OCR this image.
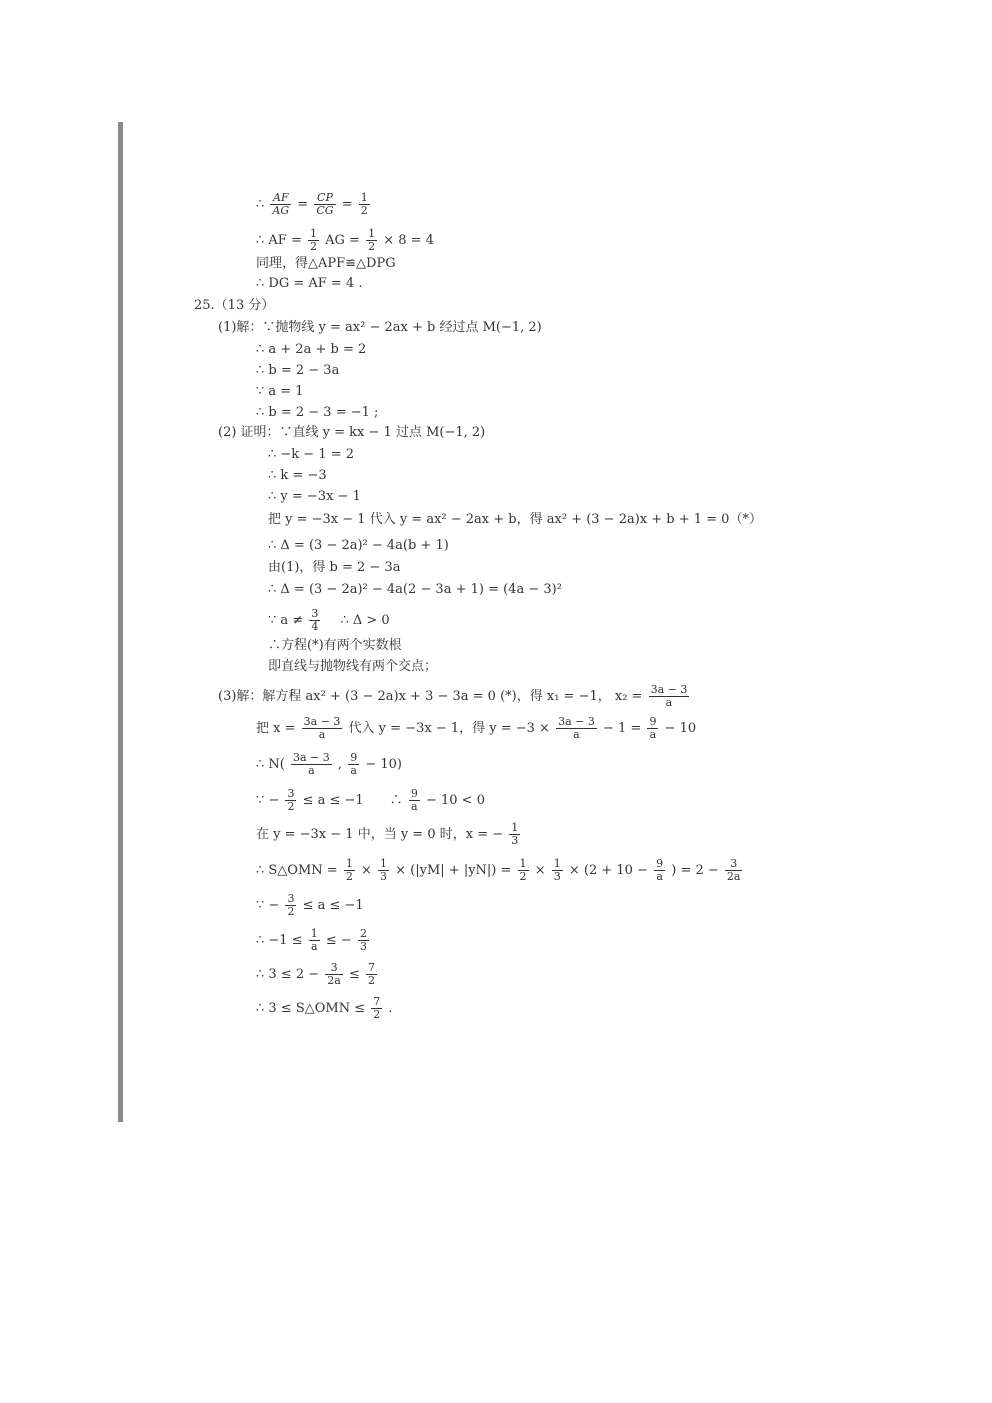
∴ $\frac{AF}{AG} = \frac{CP}{CG} = \frac{1}{2}$
∴ AF = $\frac{1}{2}$ AG = $\frac{1}{2} \times 8 = 4$
同理，得△APF≌△DPG
∴ DG = AF = 4 .
25.（13 分）
(1)解：∵抛物线 y = ax² − 2ax + b 经过点 M(−1, 2)
∴ a + 2a + b = 2
∴ b = 2 − 3a
∵ a = 1
∴ b = 2 − 3 = −1 ;
(2) 证明：∵直线 y = kx − 1 过点 M(−1, 2)
∴ −k − 1 = 2
∴ k = −3
∴ y = −3x − 1
把 y = −3x − 1 代入 y = ax² − 2ax + b，得 ax² + (3 − 2a)x + b + 1 = 0（*）
∴ Δ = (3 − 2a)² − 4a(b + 1)
由(1)，得 b = 2 − 3a
∴ Δ = (3 − 2a)² − 4a(2 − 3a + 1) = (4a − 3)²
∵ $a \ne \frac{3}{4}$ ∴ Δ > 0
∴方程(*)有两个实数根
即直线与抛物线有两个交点；
(3)解：解方程 ax² + (3 − 2a)x + 3 − 3a = 0 (*)，得 x₁ = −1， $x_2 = \frac{3a - 3}{a}$
把 $x = \frac{3a - 3}{a}$ 代入 y = −3x − 1，得 $y = -3 \times \frac{3a - 3}{a} - 1 = \frac{9}{a} - 10$
∴ $N( \frac{3a - 3}{a}$ , $\frac{9}{a} - 10$)
∵ − $\frac{3}{2} \le a \le -1$　　∴ $\frac{9}{a} - 10 < 0$
在 y = −3x − 1 中，当 y = 0 时，x = − $\frac{1}{3}$
∴ S△OMN = $\frac{1}{2} \times \frac{1}{3} \times (|yM| + |yN|) = \frac{1}{2} \times \frac{1}{3} \times (2 + 10 - \frac{9}{a}$ ) = $2 - \frac{3}{2a}$
∵ − $\frac{3}{2} \le a \le -1$
∴ $-1 \le \frac{1}{a}$ ≤ − $\frac{2}{3}$
∴ $3 \le 2 - \frac{3}{2a} \le \frac{7}{2}$
∴ 3 ≤ S△OMN ≤ $\frac{7}{2}$ .
